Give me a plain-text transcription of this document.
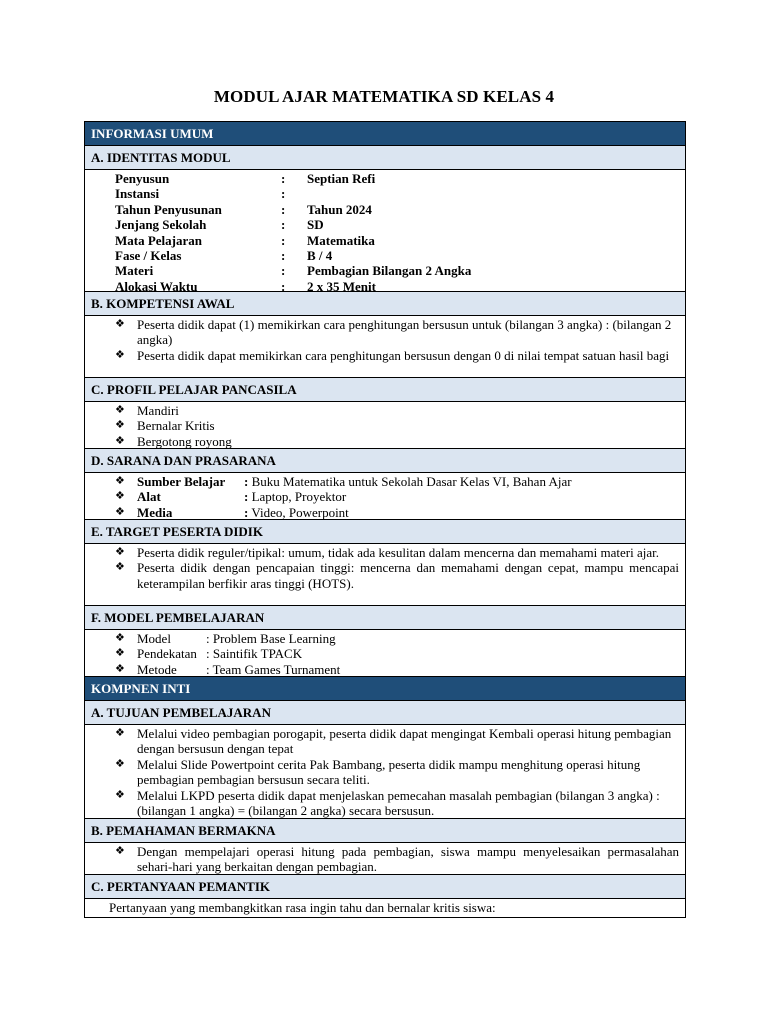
MODUL AJAR MATEMATIKA SD KELAS 4
INFORMASI UMUM
A. IDENTITAS MODUL
Penyusun	:	Septian Refi
Instansi	:
Tahun Penyusunan	:	Tahun 2024
Jenjang Sekolah	:	SD
Mata Pelajaran	:	Matematika
Fase / Kelas	:	B / 4
Materi	:	Pembagian Bilangan 2 Angka
Alokasi Waktu	:	2 x 35 Menit
B. KOMPETENSI AWAL
❖ Peserta didik dapat (1) memikirkan cara penghitungan bersusun untuk (bilangan 3 angka) : (bilangan 2 angka)
❖ Peserta didik dapat memikirkan cara penghitungan bersusun dengan 0 di nilai tempat satuan hasil bagi
C. PROFIL PELAJAR PANCASILA
❖ Mandiri
❖ Bernalar Kritis
❖ Bergotong royong
D. SARANA DAN PRASARANA
❖ Sumber Belajar : Buku Matematika untuk Sekolah Dasar Kelas VI, Bahan Ajar
❖ Alat	: Laptop, Proyektor
❖ Media	: Video, Powerpoint
E. TARGET PESERTA DIDIK
❖ Peserta didik reguler/tipikal: umum, tidak ada kesulitan dalam mencerna dan memahami materi ajar.
❖ Peserta didik dengan pencapaian tinggi: mencerna dan memahami dengan cepat, mampu mencapai keterampilan berfikir aras tinggi (HOTS).
F. MODEL PEMBELAJARAN
❖ Model	: Problem Base Learning
❖ Pendekatan : Saintifik TPACK
❖ Metode : Team Games Turnament
KOMPNEN INTI
A. TUJUAN PEMBELAJARAN
❖ Melalui video pembagian porogapit, peserta didik dapat mengingat Kembali operasi hitung pembagian dengan bersusun dengan tepat
❖ Melalui Slide Powertpoint cerita Pak Bambang, peserta didik mampu menghitung operasi hitung pembagian pembagian bersusun secara teliti.
❖ Melalui LKPD peserta didik dapat menjelaskan pemecahan masalah pembagian (bilangan 3 angka) : (bilangan 1 angka) = (bilangan 2 angka) secara bersusun.
B. PEMAHAMAN BERMAKNA
❖ Dengan mempelajari operasi hitung pada pembagian, siswa mampu menyelesaikan permasalahan sehari-hari yang berkaitan dengan pembagian.
C. PERTANYAAN PEMANTIK
Pertanyaan yang membangkitkan rasa ingin tahu dan bernalar kritis siswa:
